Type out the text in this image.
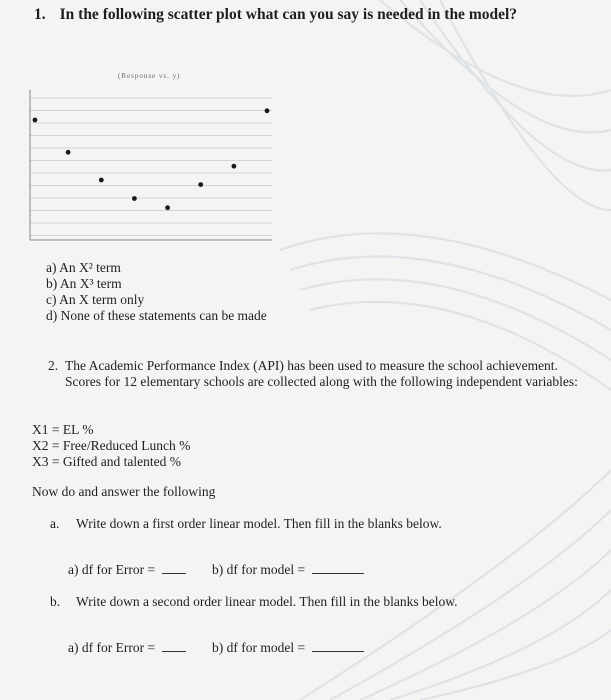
1. In the following scatter plot what can you say is needed in the model?
(Response vs. y)
a) An X² term
b) An X³ term
c) An X term only
d) None of these statements can be made
2. The Academic Performance Index (API) has been used to measure the school achievement. Scores for 12 elementary schools are collected along with the following independent variables:
X1 = EL %
X2 = Free/Reduced Lunch %
X3 = Gifted and talented %
Now do and answer the following
a. Write down a first order linear model. Then fill in the blanks below.
a) df for Error =	b) df for model =
b. Write down a second order linear model. Then fill in the blanks below.
a) df for Error =	b) df for model =
